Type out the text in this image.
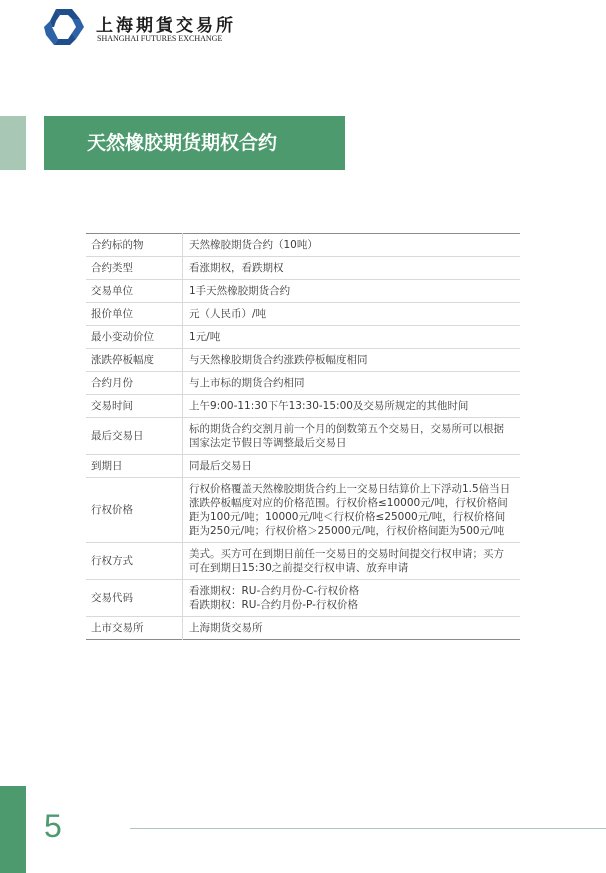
上海期貨交易所
SHANGHAI FUTURES EXCHANGE
天然橡胶期货期权合约
合约标的物	天然橡胶期货合约（10吨）
合约类型	看涨期权，看跌期权
交易单位	1手天然橡胶期货合约
报价单位	元（人民币）/吨
最小变动价位	1元/吨
涨跌停板幅度	与天然橡胶期货合约涨跌停板幅度相同
合约月份	与上市标的期货合约相同
交易时间	上午9:00-11:30下午13:30-15:00及交易所规定的其他时间
最后交易日	标的期货合约交割月前一个月的倒数第五个交易日，交易所可以根据国家法定节假日等调整最后交易日
到期日	同最后交易日
行权价格	行权价格覆盖天然橡胶期货合约上一交易日结算价上下浮动1.5倍当日涨跌停板幅度对应的价格范围。行权价格≤10000元/吨，行权价格间距为100元/吨；10000元/吨＜行权价格≤25000元/吨，行权价格间距为250元/吨；行权价格＞25000元/吨，行权价格间距为500元/吨
行权方式	美式。买方可在到期日前任一交易日的交易时间提交行权申请；买方可在到期日15:30之前提交行权申请、放弃申请
交易代码	看涨期权：RU-合约月份-C-行权价格
看跌期权：RU-合约月份-P-行权价格
上市交易所	上海期货交易所
5
